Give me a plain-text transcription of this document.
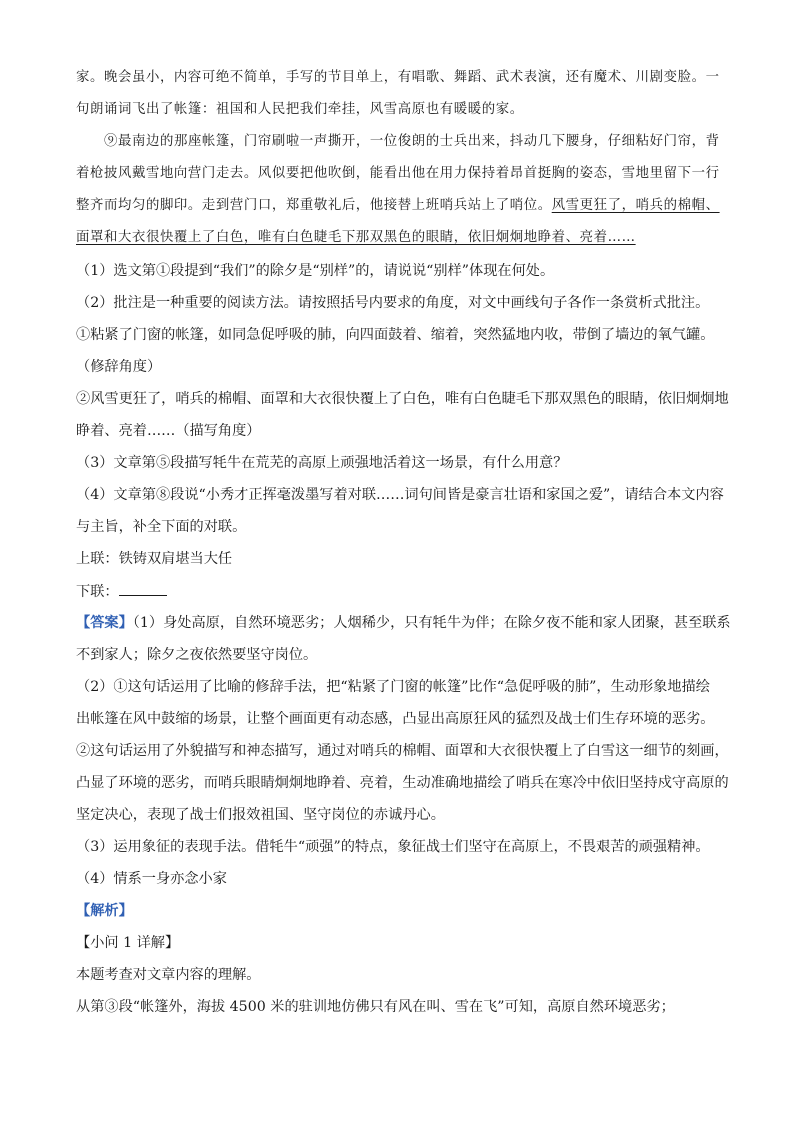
家。晚会虽小，内容可绝不简单，手写的节目单上，有唱歌、舞蹈、武术表演，还有魔术、川剧变脸。一
句朗诵词飞出了帐篷：祖国和人民把我们牵挂，风雪高原也有暖暖的家。
⑨最南边的那座帐篷，门帘刷啦一声撕开，一位俊朗的士兵出来，抖动几下腰身，仔细粘好门帘，背
着枪披风戴雪地向营门走去。风似要把他吹倒，能看出他在用力保持着昂首挺胸的姿态，雪地里留下一行
整齐而均匀的脚印。走到营门口，郑重敬礼后，他接替上班哨兵站上了哨位。风雪更狂了，哨兵的棉帽、
面罩和大衣很快覆上了白色，唯有白色睫毛下那双黑色的眼睛，依旧炯炯地睁着、亮着……
（1）选文第①段提到“我们”的除夕是“别样”的，请说说“别样”体现在何处。
（2）批注是一种重要的阅读方法。请按照括号内要求的角度，对文中画线句子各作一条赏析式批注。
①粘紧了门窗的帐篷，如同急促呼吸的肺，向四面鼓着、缩着，突然猛地内收，带倒了墙边的氧气罐。
（修辞角度）
②风雪更狂了，哨兵的棉帽、面罩和大衣很快覆上了白色，唯有白色睫毛下那双黑色的眼睛，依旧炯炯地
睁着、亮着……（描写角度）
（3）文章第⑤段描写牦牛在荒芜的高原上顽强地活着这一场景，有什么用意？
（4）文章第⑧段说“小秀才正挥毫泼墨写着对联……词句间皆是豪言壮语和家国之爱”，请结合本文内容
与主旨，补全下面的对联。
上联：铁铸双肩堪当大任
下联：
【答案】（1）身处高原，自然环境恶劣；人烟稀少，只有牦牛为伴；在除夕夜不能和家人团聚，甚至联系
不到家人；除夕之夜依然要坚守岗位。
（2）①这句话运用了比喻的修辞手法，把“粘紧了门窗的帐篷”比作“急促呼吸的肺”，生动形象地描绘
出帐篷在风中鼓缩的场景，让整个画面更有动态感，凸显出高原狂风的猛烈及战士们生存环境的恶劣。
②这句话运用了外貌描写和神态描写，通过对哨兵的棉帽、面罩和大衣很快覆上了白雪这一细节的刻画，
凸显了环境的恶劣，而哨兵眼睛炯炯地睁着、亮着，生动准确地描绘了哨兵在寒冷中依旧坚持戍守高原的
坚定决心，表现了战士们报效祖国、坚守岗位的赤诚丹心。
（3）运用象征的表现手法。借牦牛“顽强”的特点，象征战士们坚守在高原上，不畏艰苦的顽强精神。
（4）情系一身亦念小家
【解析】
【小问 1 详解】
本题考查对文章内容的理解。
从第③段“帐篷外，海拔 4500 米的驻训地仿佛只有风在叫、雪在飞”可知，高原自然环境恶劣；
